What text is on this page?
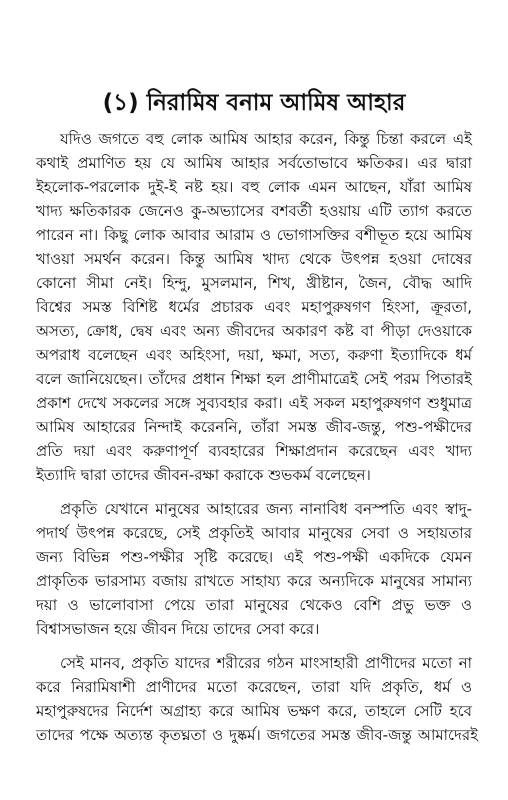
(১) নিরামিষ বনাম আমিষ আহার
যদিও জগতে বহু লোক আমিষ আহার করেন, কিন্তু চিন্তা করলে এই
কথাই প্রমাণিত হয় যে আমিষ আহার সর্বতোভাবে ক্ষতিকর। এর দ্বারা
ইহলোক-পরলোক দুই-ই নষ্ট হয়। বহু লোক এমন আছেন, যাঁরা আমিষ
খাদ্য ক্ষতিকারক জেনেও কু-অভ্যাসের বশবর্তী হওয়ায় এটি ত্যাগ করতে
পারেন না। কিছু লোক আবার আরাম ও ভোগাসক্তির বশীভূত হয়ে আমিষ
খাওয়া সমর্থন করেন। কিন্তু আমিষ খাদ্য থেকে উৎপন্ন হওয়া দোষের
কোনো সীমা নেই। হিন্দু, মুসলমান, শিখ, খ্রীষ্টান, জৈন, বৌদ্ধ আদি
বিশ্বের সমস্ত বিশিষ্ট ধর্মের প্রচারক এবং মহাপুরুষগণ হিংসা, ক্রূরতা,
অসত্য, ক্রোধ, দ্বেষ এবং অন্য জীবদের অকারণ কষ্ট বা পীড়া দেওয়াকে
অপরাধ বলেছেন এবং অহিংসা, দয়া, ক্ষমা, সত্য, করুণা ইত্যাদিকে ধর্ম
বলে জানিয়েছেন। তাঁদের প্রধান শিক্ষা হল প্রাণীমাত্রেই সেই পরম পিতারই
প্রকাশ দেখে সকলের সঙ্গে সুব্যবহার করা। এই সকল মহাপুরুষগণ শুধুমাত্র
আমিষ আহারের নিন্দাই করেননি, তাঁরা সমস্ত জীব-জন্তু, পশু-পক্ষীদের
প্রতি দয়া এবং করুণাপূর্ণ ব্যবহারের শিক্ষাপ্রদান করেছেন এবং খাদ্য
ইত্যাদি দ্বারা তাদের জীবন-রক্ষা করাকে শুভকর্ম বলেছেন।
প্রকৃতি যেখানে মানুষের আহারের জন্য নানাবিধ বনস্পতি এবং স্বাদু-
পদার্থ উৎপন্ন করেছে, সেই প্রকৃতিই আবার মানুষের সেবা ও সহায়তার
জন্য বিভিন্ন পশু-পক্ষীর সৃষ্টি করেছে। এই পশু-পক্ষী একদিকে যেমন
প্রাকৃতিক ভারসাম্য বজায় রাখতে সাহায্য করে অন্যদিকে মানুষের সামান্য
দয়া ও ভালোবাসা পেয়ে তারা মানুষের থেকেও বেশি প্রভু ভক্ত ও
বিশ্বাসভাজন হয়ে জীবন দিয়ে তাদের সেবা করে।
সেই মানব, প্রকৃতি যাদের শরীরের গঠন মাংসাহারী প্রাণীদের মতো না
করে নিরামিষাশী প্রাণীদের মতো করেছেন, তারা যদি প্রকৃতি, ধর্ম ও
মহাপুরুষদের নির্দেশ অগ্রাহ্য করে আমিষ ভক্ষণ করে, তাহলে সেটি হবে
তাদের পক্ষে অত্যন্ত কৃতঘ্নতা ও দুষ্কর্ম। জগতের সমস্ত জীব-জন্তু আমাদেরই
